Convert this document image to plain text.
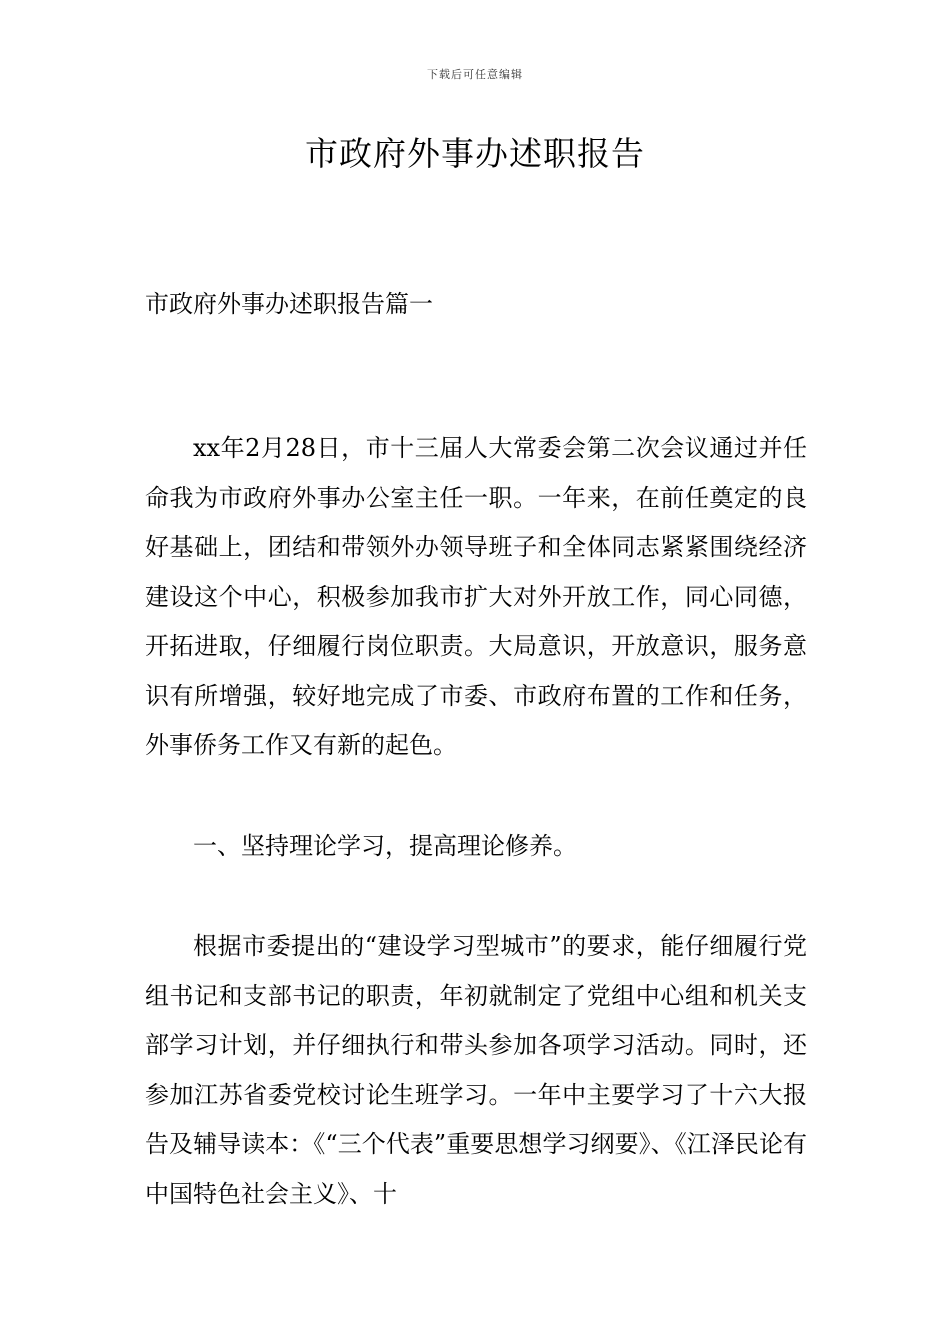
下载后可任意编辑
市政府外事办述职报告
市政府外事办述职报告篇一

xx年2月28日，市十三届人大常委会第二次会议通过并任命我为市政府外事办公室主任一职。一年来，在前任奠定的良好基础上，团结和带领外办领导班子和全体同志紧紧围绕经济建设这个中心，积极参加我市扩大对外开放工作，同心同德，开拓进取，仔细履行岗位职责。大局意识，开放意识，服务意识有所增强，较好地完成了市委、市政府布置的工作和任务，外事侨务工作又有新的起色。

一、坚持理论学习，提高理论修养。

根据市委提出的“建设学习型城市”的要求，能仔细履行党组书记和支部书记的职责，年初就制定了党组中心组和机关支部学习计划，并仔细执行和带头参加各项学习活动。同时，还参加江苏省委党校讨论生班学习。一年中主要学习了十六大报告及辅导读本：《“三个代表”重要思想学习纲要》、《江泽民论有中国特色社会主义》、十
